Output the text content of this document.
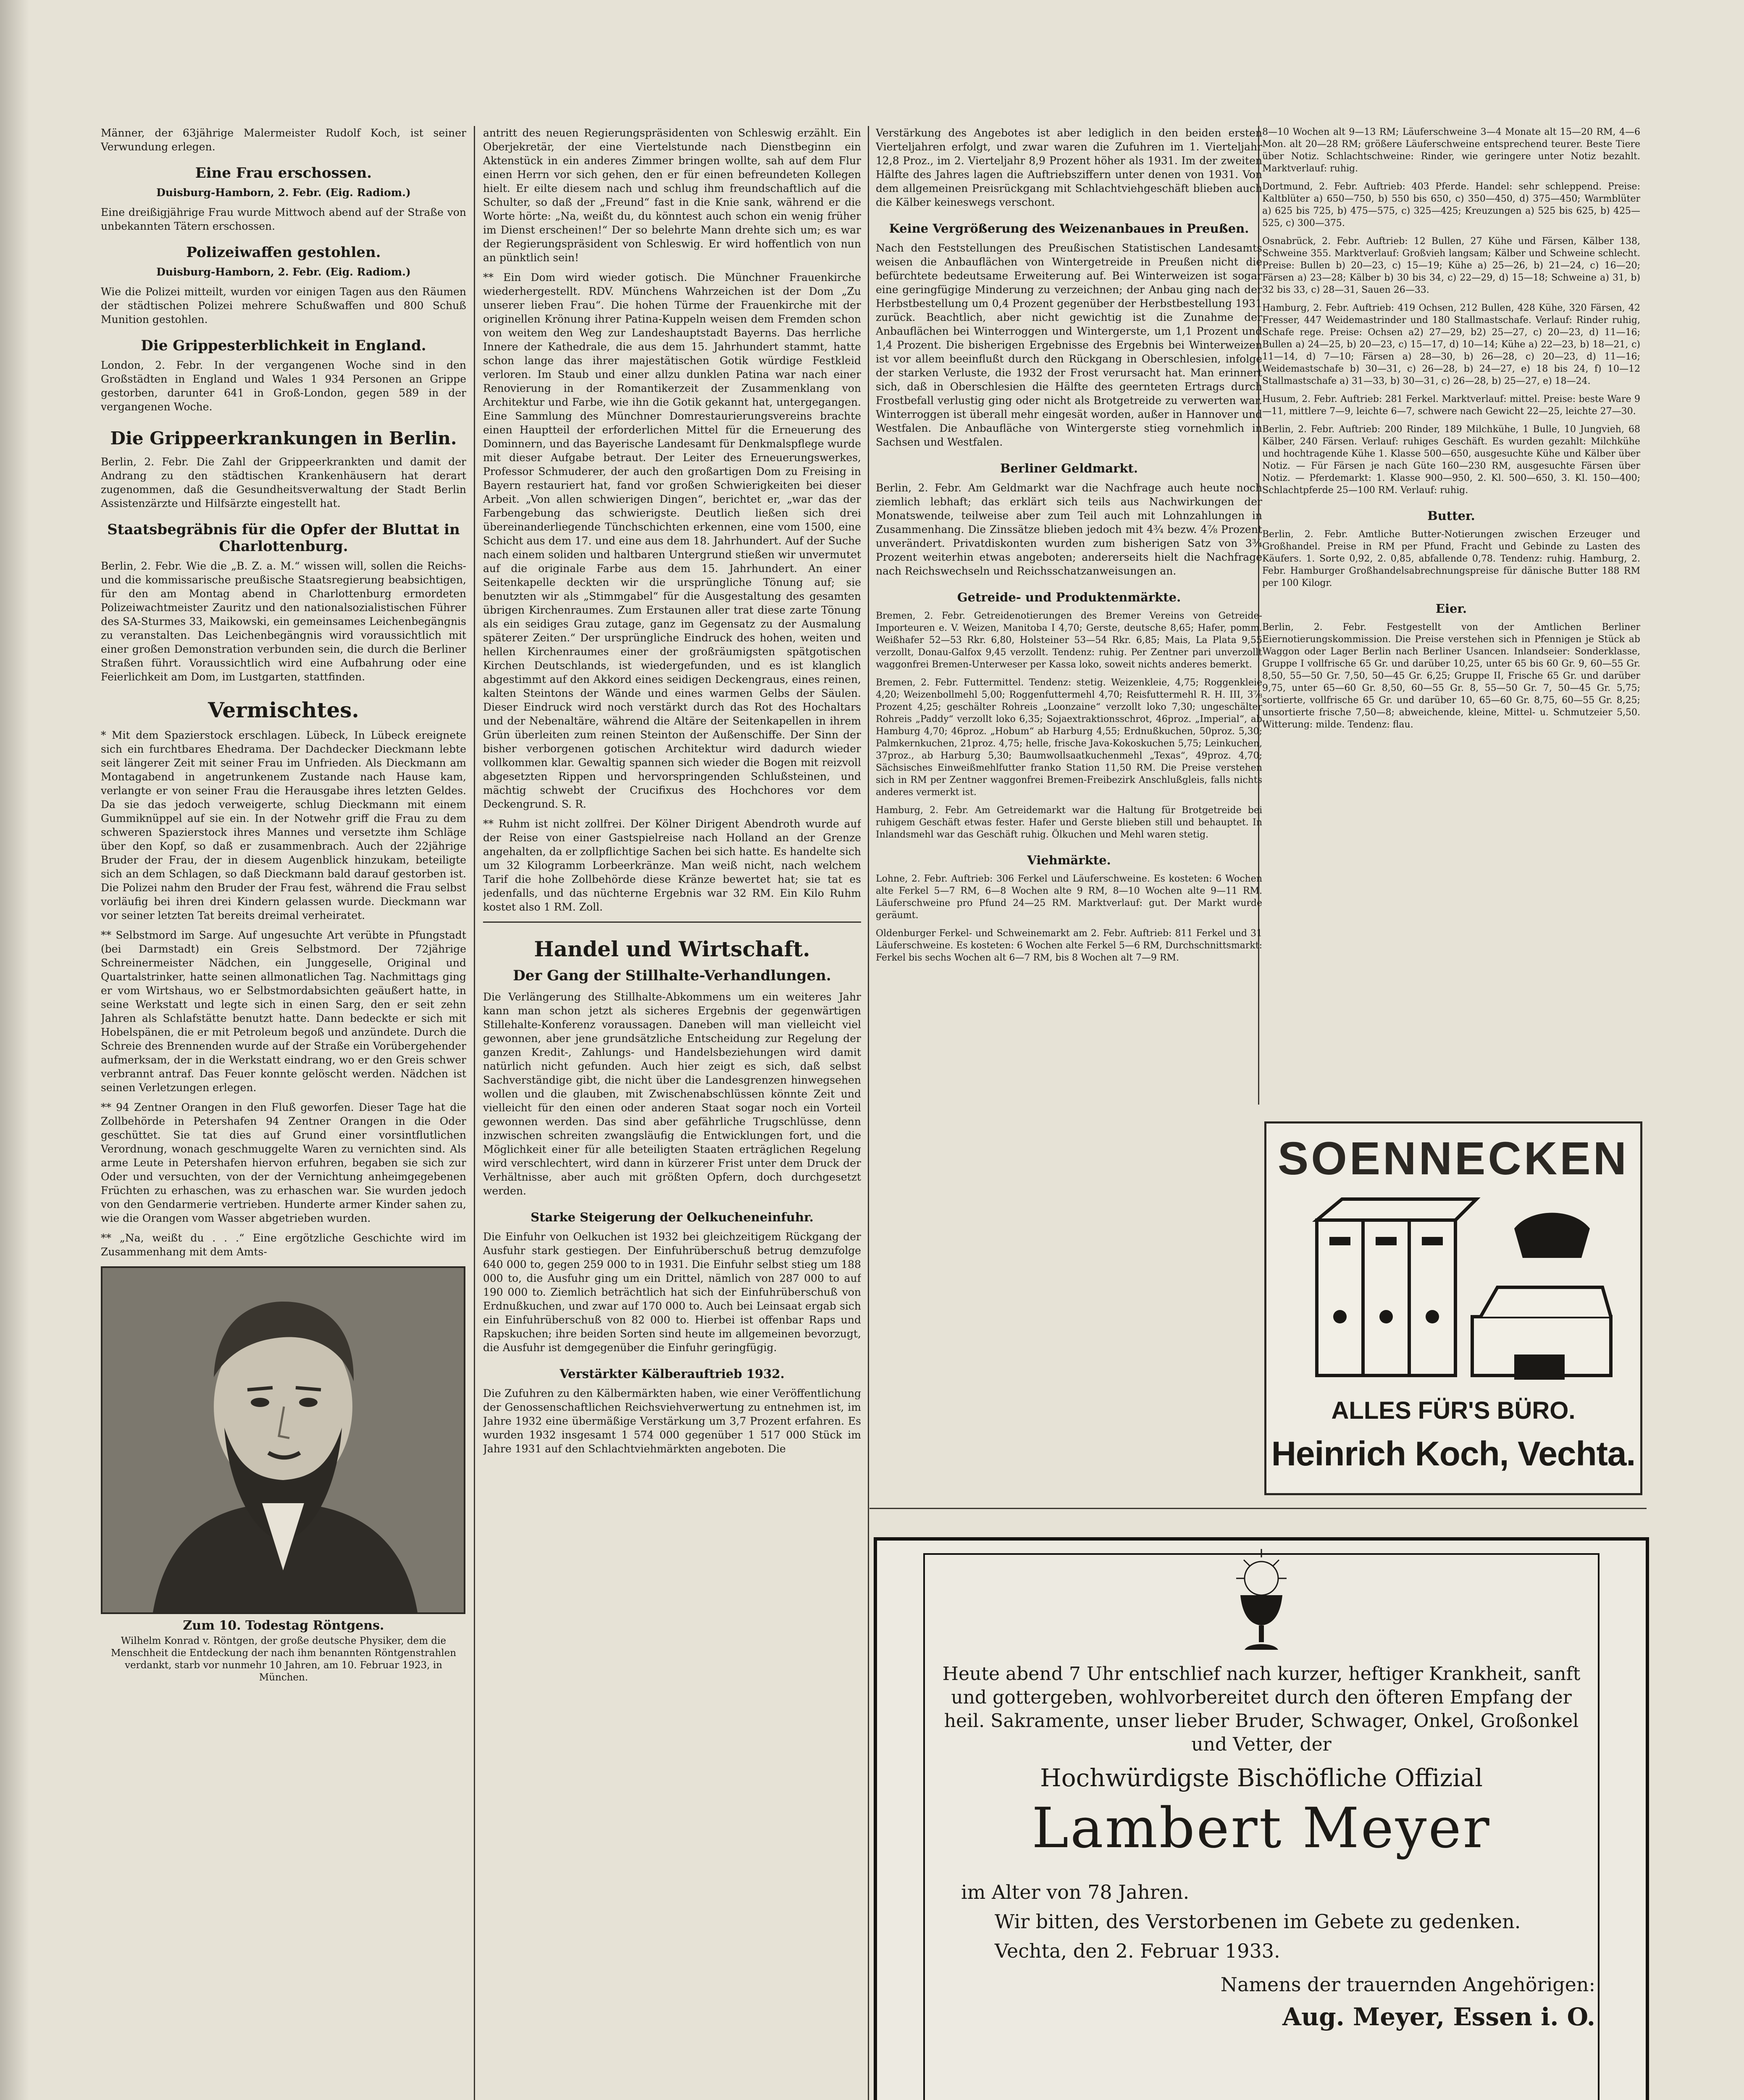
Männer, der 63jährige Malermeister Rudolf Koch, ist seiner Verwundung erlegen.

Eine Frau erschossen.

Duisburg-Hamborn, 2. Febr. (Eig. Radiom.)

Eine dreißigjährige Frau wurde Mittwoch abend auf der Straße von unbekannten Tätern erschossen.

Polizeiwaffen gestohlen.

Duisburg-Hamborn, 2. Febr. (Eig. Radiom.)

Wie die Polizei mitteilt, wurden vor einigen Tagen aus den Räumen der städtischen Polizei mehrere Schußwaffen und 800 Schuß Munition gestohlen.

Die Grippesterblichkeit in England.

London, 2. Febr. In der vergangenen Woche sind in den Großstädten in England und Wales 1 934 Personen an Grippe gestorben, darunter 641 in Groß-London, gegen 589 in der vergangenen Woche.

Die Grippeerkrankungen in Berlin.

Berlin, 2. Febr. Die Zahl der Grippeerkrankten und damit der Andrang zu den städtischen Krankenhäusern hat derart zugenommen, daß die Gesundheitsverwaltung der Stadt Berlin Assistenzärzte und Hilfsärzte eingestellt hat.

Staatsbegräbnis für die Opfer der Bluttat in Charlottenburg.

Berlin, 2. Febr. Wie die „B. Z. a. M.“ wissen will, sollen die Reichs- und die kommissarische preußische Staatsregierung beabsichtigen, für den am Montag abend in Charlottenburg ermordeten Polizeiwachtmeister Zauritz und den nationalsozialistischen Führer des SA-Sturmes 33, Maikowski, ein gemeinsames Leichenbegängnis zu veranstalten. Das Leichenbegängnis wird voraussichtlich mit einer großen Demonstration verbunden sein, die durch die Berliner Straßen führt. Voraussichtlich wird eine Aufbahrung oder eine Feierlichkeit am Dom, im Lustgarten, stattfinden.

Vermischtes.

* Mit dem Spazierstock erschlagen. Lübeck, In Lübeck ereignete sich ein furchtbares Ehedrama. Der Dachdecker Dieckmann lebte seit längerer Zeit mit seiner Frau im Unfrieden. Als Dieckmann am Montagabend in angetrunkenem Zustande nach Hause kam, verlangte er von seiner Frau die Herausgabe ihres letzten Geldes. Da sie das jedoch verweigerte, schlug Dieckmann mit einem Gummiknüppel auf sie ein. In der Notwehr griff die Frau zu dem schweren Spazierstock ihres Mannes und versetzte ihm Schläge über den Kopf, so daß er zusammenbrach. Auch der 22jährige Bruder der Frau, der in diesem Augenblick hinzukam, beteiligte sich an dem Schlagen, so daß Dieckmann bald darauf gestorben ist. Die Polizei nahm den Bruder der Frau fest, während die Frau selbst vorläufig bei ihren drei Kindern gelassen wurde. Dieckmann war vor seiner letzten Tat bereits dreimal verheiratet.

** Selbstmord im Sarge. Auf ungesuchte Art verübte in Pfungstadt (bei Darmstadt) ein Greis Selbstmord. Der 72jährige Schreinermeister Nädchen, ein Junggeselle, Original und Quartalstrinker, hatte seinen allmonatlichen Tag. Nachmittags ging er vom Wirtshaus, wo er Selbstmordabsichten geäußert hatte, in seine Werkstatt und legte sich in einen Sarg, den er seit zehn Jahren als Schlafstätte benutzt hatte. Dann bedeckte er sich mit Hobelspänen, die er mit Petroleum begoß und anzündete. Durch die Schreie des Brennenden wurde auf der Straße ein Vorübergehender aufmerksam, der in die Werkstatt eindrang, wo er den Greis schwer verbrannt antraf. Das Feuer konnte gelöscht werden. Nädchen ist seinen Verletzungen erlegen.

** 94 Zentner Orangen in den Fluß geworfen. Dieser Tage hat die Zollbehörde in Petershafen 94 Zentner Orangen in die Oder geschüttet. Sie tat dies auf Grund einer vorsintflutlichen Verordnung, wonach geschmuggelte Waren zu vernichten sind. Als arme Leute in Petershafen hiervon erfuhren, begaben sie sich zur Oder und versuchten, von der der Vernichtung anheimgegebenen Früchten zu erhaschen, was zu erhaschen war. Sie wurden jedoch von den Gendarmerie vertrieben. Hunderte armer Kinder sahen zu, wie die Orangen vom Wasser abgetrieben wurden.

** „Na, weißt du . . .“ Eine ergötzliche Geschichte wird im Zusammenhang mit dem Amts-

Zum 10. Todestag Röntgens.
Wilhelm Konrad v. Röntgen, der große deutsche Physiker, dem die Menschheit die Entdeckung der nach ihm benannten Röntgenstrahlen verdankt, starb vor nunmehr 10 Jahren, am 10. Februar 1923, in München.

antritt des neuen Regierungspräsidenten von Schleswig erzählt. Ein Oberjekretär, der eine Viertelstunde nach Dienstbeginn ein Aktenstück in ein anderes Zimmer bringen wollte, sah auf dem Flur einen Herrn vor sich gehen, den er für einen befreundeten Kollegen hielt. Er eilte diesem nach und schlug ihm freundschaftlich auf die Schulter, so daß der „Freund“ fast in die Knie sank, während er die Worte hörte: „Na, weißt du, du könntest auch schon ein wenig früher im Dienst erscheinen!“ Der so belehrte Mann drehte sich um; es war der Regierungspräsident von Schleswig. Er wird hoffentlich von nun an pünktlich sein!

** Ein Dom wird wieder gotisch. Die Münchner Frauenkirche wiederhergestellt. RDV. Münchens Wahrzeichen ist der Dom „Zu unserer lieben Frau“. Die hohen Türme der Frauenkirche mit der originellen Krönung ihrer Patina-Kuppeln weisen dem Fremden schon von weitem den Weg zur Landeshauptstadt Bayerns. Das herrliche Innere der Kathedrale, die aus dem 15. Jahrhundert stammt, hatte schon lange das ihrer majestätischen Gotik würdige Festkleid verloren. Im Staub und einer allzu dunklen Patina war nach einer Renovierung in der Romantikerzeit der Zusammenklang von Architektur und Farbe, wie ihn die Gotik gekannt hat, untergegangen. Eine Sammlung des Münchner Domrestaurierungsvereins brachte einen Hauptteil der erforderlichen Mittel für die Erneuerung des Dominnern, und das Bayerische Landesamt für Denkmalspflege wurde mit dieser Aufgabe betraut. Der Leiter des Erneuerungswerkes, Professor Schmuderer, der auch den großartigen Dom zu Freising in Bayern restauriert hat, fand vor großen Schwierigkeiten bei dieser Arbeit. „Von allen schwierigen Dingen“, berichtet er, „war das der Farbengebung das schwierigste. Deutlich ließen sich drei übereinanderliegende Tünchschichten erkennen, eine vom 1500, eine Schicht aus dem 17. und eine aus dem 18. Jahrhundert. Auf der Suche nach einem soliden und haltbaren Untergrund stießen wir unvermutet auf die originale Farbe aus dem 15. Jahrhundert. An einer Seitenkapelle deckten wir die ursprüngliche Tönung auf; sie benutzten wir als „Stimmgabel“ für die Ausgestaltung des gesamten übrigen Kirchenraumes. Zum Erstaunen aller trat diese zarte Tönung als ein seidiges Grau zutage, ganz im Gegensatz zu der Ausmalung späterer Zeiten.“ Der ursprüngliche Eindruck des hohen, weiten und hellen Kirchenraumes einer der großräumigsten spätgotischen Kirchen Deutschlands, ist wiedergefunden, und es ist klanglich abgestimmt auf den Akkord eines seidigen Deckengraus, eines reinen, kalten Steintons der Wände und eines warmen Gelbs der Säulen. Dieser Eindruck wird noch verstärkt durch das Rot des Hochaltars und der Nebenaltäre, während die Altäre der Seitenkapellen in ihrem Grün überleiten zum reinen Steinton der Außenschiffe. Der Sinn der bisher verborgenen gotischen Architektur wird dadurch wieder vollkommen klar. Gewaltig spannen sich wieder die Bogen mit reizvoll abgesetzten Rippen und hervorspringenden Schlußsteinen, und mächtig schwebt der Crucifixus des Hochchores vor dem Deckengrund. S. R.

** Ruhm ist nicht zollfrei. Der Kölner Dirigent Abendroth wurde auf der Reise von einer Gastspielreise nach Holland an der Grenze angehalten, da er zollpflichtige Sachen bei sich hatte. Es handelte sich um 32 Kilogramm Lorbeerkränze. Man weiß nicht, nach welchem Tarif die hohe Zollbehörde diese Kränze bewertet hat; sie tat es jedenfalls, und das nüchterne Ergebnis war 32 RM. Ein Kilo Ruhm kostet also 1 RM. Zoll.

Handel und Wirtschaft.
Der Gang der Stillhalte-Verhandlungen.

Die Verlängerung des Stillhalte-Abkommens um ein weiteres Jahr kann man schon jetzt als sicheres Ergebnis der gegenwärtigen Stillehalte-Konferenz voraussagen. Daneben will man vielleicht viel gewonnen, aber jene grundsätzliche Entscheidung zur Regelung der ganzen Kredit-, Zahlungs- und Handelsbeziehungen wird damit natürlich nicht gefunden. Auch hier zeigt es sich, daß selbst Sachverständige gibt, die nicht über die Landesgrenzen hinwegsehen wollen und die glauben, mit Zwischenabschlüssen könnte Zeit und vielleicht für den einen oder anderen Staat sogar noch ein Vorteil gewonnen werden. Das sind aber gefährliche Trugschlüsse, denn inzwischen schreiten zwangsläufig die Entwicklungen fort, und die Möglichkeit einer für alle beteiligten Staaten erträglichen Regelung wird verschlechtert, wird dann in kürzerer Frist unter dem Druck der Verhältnisse, aber auch mit größten Opfern, doch durchgesetzt werden.

Starke Steigerung der Oelkucheneinfuhr.

Die Einfuhr von Oelkuchen ist 1932 bei gleichzeitigem Rückgang der Ausfuhr stark gestiegen. Der Einfuhrüberschuß betrug demzufolge 640 000 to, gegen 259 000 to in 1931. Die Einfuhr selbst stieg um 188 000 to, die Ausfuhr ging um ein Drittel, nämlich von 287 000 to auf 190 000 to. Ziemlich beträchtlich hat sich der Einfuhrüberschuß von Erdnußkuchen, und zwar auf 170 000 to. Auch bei Leinsaat ergab sich ein Einfuhrüberschuß von 82 000 to. Hierbei ist offenbar Raps und Rapskuchen; ihre beiden Sorten sind heute im allgemeinen bevorzugt, die Ausfuhr ist demgegenüber die Einfuhr geringfügig.

Verstärkter Kälberauftrieb 1932.

Die Zufuhren zu den Kälbermärkten haben, wie einer Veröffentlichung der Genossenschaftlichen Reichsviehverwertung zu entnehmen ist, im Jahre 1932 eine übermäßige Verstärkung um 3,7 Prozent erfahren. Es wurden 1932 insgesamt 1 574 000 gegenüber 1 517 000 Stück im Jahre 1931 auf den Schlachtviehmärkten angeboten. Die

Verstärkung des Angebotes ist aber lediglich in den beiden ersten Vierteljahren erfolgt, und zwar waren die Zufuhren im 1. Vierteljahr 12,8 Proz., im 2. Vierteljahr 8,9 Prozent höher als 1931. Im der zweiten Hälfte des Jahres lagen die Auftriebsziffern unter denen von 1931. Von dem allgemeinen Preisrückgang mit Schlachtviehgeschäft blieben auch die Kälber keineswegs verschont.

Keine Vergrößerung des Weizenanbaues in Preußen.

Nach den Feststellungen des Preußischen Statistischen Landesamts weisen die Anbauflächen von Wintergetreide in Preußen nicht die befürchtete bedeutsame Erweiterung auf. Bei Winterweizen ist sogar eine geringfügige Minderung zu verzeichnen; der Anbau ging nach der Herbstbestellung um 0,4 Prozent gegenüber der Herbstbestellung 1931 zurück. Beachtlich, aber nicht gewichtig ist die Zunahme der Anbauflächen bei Winterroggen und Wintergerste, um 1,1 Prozent und 1,4 Prozent. Die bisherigen Ergebnisse des Ergebnis bei Winterweizen ist vor allem beeinflußt durch den Rückgang in Oberschlesien, infolge der starken Verluste, die 1932 der Frost verursacht hat. Man erinnert sich, daß in Oberschlesien die Hälfte des geernteten Ertrags durch Frostbefall verlustig ging oder nicht als Brotgetreide zu verwerten war. Winterroggen ist überall mehr eingesät worden, außer in Hannover und Westfalen. Die Anbaufläche von Wintergerste stieg vornehmlich in Sachsen und Westfalen.

Berliner Geldmarkt.

Berlin, 2. Febr. Am Geldmarkt war die Nachfrage auch heute noch ziemlich lebhaft; das erklärt sich teils aus Nachwirkungen der Monatswende, teilweise aber zum Teil auch mit Lohnzahlungen in Zusammenhang. Die Zinssätze blieben jedoch mit 4¾ bezw. 4⅞ Prozent unverändert. Privatdiskonten wurden zum bisherigen Satz von 3¾ Prozent weiterhin etwas angeboten; andererseits hielt die Nachfrage nach Reichswechseln und Reichsschatzanweisungen an.

Getreide- und Produktenmärkte.

Bremen, 2. Febr. Getreidenotierungen des Bremer Vereins von Getreide-Importeuren e. V. Weizen, Manitoba I 4,70; Gerste, deutsche 8,65; Hafer, pomm. Weißhafer 52—53 Rkr. 6,80, Holsteiner 53—54 Rkr. 6,85; Mais, La Plata 9,55 verzollt, Donau-Galfox 9,45 verzollt. Tendenz: ruhig. Per Zentner pari unverzollt waggonfrei Bremen-Unterweser per Kassa loko, soweit nichts anderes bemerkt.

Bremen, 2. Febr. Futtermittel. Tendenz: stetig. Weizenkleie, 4,75; Roggenkleie 4,20; Weizenbollmehl 5,00; Roggenfuttermehl 4,70; Reisfuttermehl R. H. III, 3⅞ Prozent 4,25; geschälter Rohreis „Loonzaine“ verzollt loko 7,30; ungeschälter Rohreis „Paddy“ verzollt loko 6,35; Sojaextraktionsschrot, 46proz. „Imperial“, ab Hamburg 4,70; 46proz. „Hobum“ ab Harburg 4,55; Erdnußkuchen, 50proz. 5,30; Palmkernkuchen, 21proz. 4,75; helle, frische Java-Kokoskuchen 5,75; Leinkuchen, 37proz., ab Harburg 5,30; Baumwollsaatkuchenmehl „Texas“, 49proz. 4,70; Sächsisches Einweißmehlfutter franko Station 11,50 RM. Die Preise verstehen sich in RM per Zentner waggonfrei Bremen-Freibezirk Anschlußgleis, falls nichts anderes vermerkt ist.

Hamburg, 2. Febr. Am Getreidemarkt war die Haltung für Brotgetreide bei ruhigem Geschäft etwas fester. Hafer und Gerste blieben still und behauptet. In Inlandsmehl war das Geschäft ruhig. Ölkuchen und Mehl waren stetig.

Viehmärkte.

Lohne, 2. Febr. Auftrieb: 306 Ferkel und Läuferschweine. Es kosteten: 6 Wochen alte Ferkel 5—7 RM, 6—8 Wochen alte 9 RM, 8—10 Wochen alte 9—11 RM. Läuferschweine pro Pfund 24—25 RM. Marktverlauf: gut. Der Markt wurde geräumt.

Oldenburger Ferkel- und Schweinemarkt am 2. Febr. Auftrieb: 811 Ferkel und 31 Läuferschweine. Es kosteten: 6 Wochen alte Ferkel 5—6 RM, Durchschnittsmarkt: Ferkel bis sechs Wochen alt 6—7 RM, bis 8 Wochen alt 7—9 RM.

8—10 Wochen alt 9—13 RM; Läuferschweine 3—4 Monate alt 15—20 RM, 4—6 Mon. alt 20—28 RM; größere Läuferschweine entsprechend teurer. Beste Tiere über Notiz. Schlachtschweine: Rinder, wie geringere unter Notiz bezahlt. Marktverlauf: ruhig.

Dortmund, 2. Febr. Auftrieb: 403 Pferde. Handel: sehr schleppend. Preise: Kaltblüter a) 650—750, b) 550 bis 650, c) 350—450, d) 375—450; Warmblüter a) 625 bis 725, b) 475—575, c) 325—425; Kreuzungen a) 525 bis 625, b) 425—525, c) 300—375.

Osnabrück, 2. Febr. Auftrieb: 12 Bullen, 27 Kühe und Färsen, Kälber 138, Schweine 355. Marktverlauf: Großvieh langsam; Kälber und Schweine schlecht. Preise: Bullen b) 20—23, c) 15—19; Kühe a) 25—26, b) 21—24, c) 16—20; Färsen a) 23—28; Kälber b) 30 bis 34, c) 22—29, d) 15—18; Schweine a) 31, b) 32 bis 33, c) 28—31, Sauen 26—33.

Hamburg, 2. Febr. Auftrieb: 419 Ochsen, 212 Bullen, 428 Kühe, 320 Färsen, 42 Fresser, 447 Weidemastrinder und 180 Stallmastschafe. Verlauf: Rinder ruhig, Schafe rege. Preise: Ochsen a2) 27—29, b2) 25—27, c) 20—23, d) 11—16; Bullen a) 24—25, b) 20—23, c) 15—17, d) 10—14; Kühe a) 22—23, b) 18—21, c) 11—14, d) 7—10; Färsen a) 28—30, b) 26—28, c) 20—23, d) 11—16; Weidemastschafe b) 30—31, c) 26—28, b) 24—27, e) 18 bis 24, f) 10—12 Stallmastschafe a) 31—33, b) 30—31, c) 26—28, b) 25—27, e) 18—24.

Husum, 2. Febr. Auftrieb: 281 Ferkel. Marktverlauf: mittel. Preise: beste Ware 9—11, mittlere 7—9, leichte 6—7, schwere nach Gewicht 22—25, leichte 27—30.

Berlin, 2. Febr. Auftrieb: 200 Rinder, 189 Milchkühe, 1 Bulle, 10 Jungvieh, 68 Kälber, 240 Färsen. Verlauf: ruhiges Geschäft. Es wurden gezahlt: Milchkühe und hochtragende Kühe 1. Klasse 500—650, ausgesuchte Kühe und Kälber über Notiz. — Für Färsen je nach Güte 160—230 RM, ausgesuchte Färsen über Notiz. — Pferdemarkt: 1. Klasse 900—950, 2. Kl. 500—650, 3. Kl. 150—400; Schlachtpferde 25—100 RM. Verlauf: ruhig.

Butter.

Berlin, 2. Febr. Amtliche Butter-Notierungen zwischen Erzeuger und Großhandel. Preise in RM per Pfund, Fracht und Gebinde zu Lasten des Käufers. 1. Sorte 0,92, 2. 0,85, abfallende 0,78. Tendenz: ruhig. Hamburg, 2. Febr. Hamburger Großhandelsabrechnungspreise für dänische Butter 188 RM per 100 Kilogr.

Eier.

Berlin, 2. Febr. Festgestellt von der Amtlichen Berliner Eiernotierungskommission. Die Preise verstehen sich in Pfennigen je Stück ab Waggon oder Lager Berlin nach Berliner Usancen. Inlandseier: Sonderklasse, Gruppe I vollfrische 65 Gr. und darüber 10,25, unter 65 bis 60 Gr. 9, 60—55 Gr. 8,50, 55—50 Gr. 7,50, 50—45 Gr. 6,25; Gruppe II, Frische 65 Gr. und darüber 9,75, unter 65—60 Gr. 8,50, 60—55 Gr. 8, 55—50 Gr. 7, 50—45 Gr. 5,75; sortierte, vollfrische 65 Gr. und darüber 10, 65—60 Gr. 8,75, 60—55 Gr. 8,25; unsortierte frische 7,50—8; abweichende, kleine, Mittel- u. Schmutzeier 5,50. Witterung: milde. Tendenz: flau.

SOENNECKEN
ALLES FÜR'S BÜRO.
Heinrich Koch, Vechta.
Heute abend 7 Uhr entschlief nach kurzer, heftiger Krankheit, sanft und gottergeben, wohlvorbereitet durch den öfteren Empfang der heil. Sakramente, unser lieber Bruder, Schwager, Onkel, Großonkel und Vetter, der
Hochwürdigste Bischöfliche Offizial
Lambert Meyer
im Alter von 78 Jahren.
Wir bitten, des Verstorbenen im Gebete zu gedenken.
Vechta, den 2. Februar 1933.
Namens der trauernden Angehörigen:
Aug. Meyer, Essen i. O.
